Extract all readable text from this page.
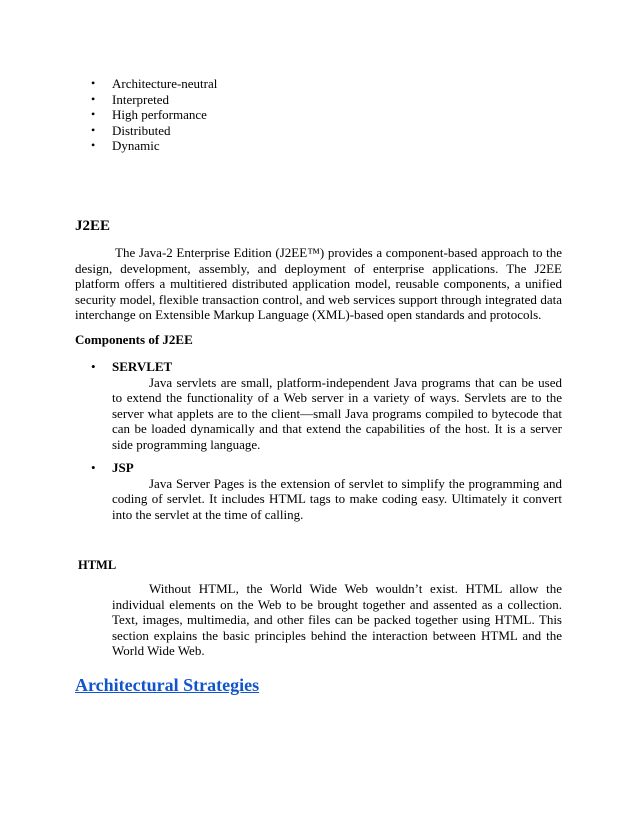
• Architecture-neutral
• Interpreted
• High performance
• Distributed
• Dynamic
J2EE
The Java-2 Enterprise Edition (J2EE™) provides a component-based approach to the design, development, assembly, and deployment of enterprise applications. The J2EE platform offers a multitiered distributed application model, reusable components, a unified security model, flexible transaction control, and web services support through integrated data interchange on Extensible Markup Language (XML)-based open standards and protocols.
Components of J2EE
• SERVLET
Java servlets are small, platform-independent Java programs that can be used to extend the functionality of a Web server in a variety of ways. Servlets are to the server what applets are to the client—small Java programs compiled to bytecode that can be loaded dynamically and that extend the capabilities of the host. It is a server side programming language.
• JSP
Java Server Pages is the extension of servlet to simplify the programming and coding of servlet. It includes HTML tags to make coding easy. Ultimately it convert into the servlet at the time of calling.
HTML
Without HTML, the World Wide Web wouldn’t exist. HTML allow the individual elements on the Web to be brought together and assented as a collection. Text, images, multimedia, and other files can be packed together using HTML. This section explains the basic principles behind the interaction between HTML and the World Wide Web.
Architectural Strategies
